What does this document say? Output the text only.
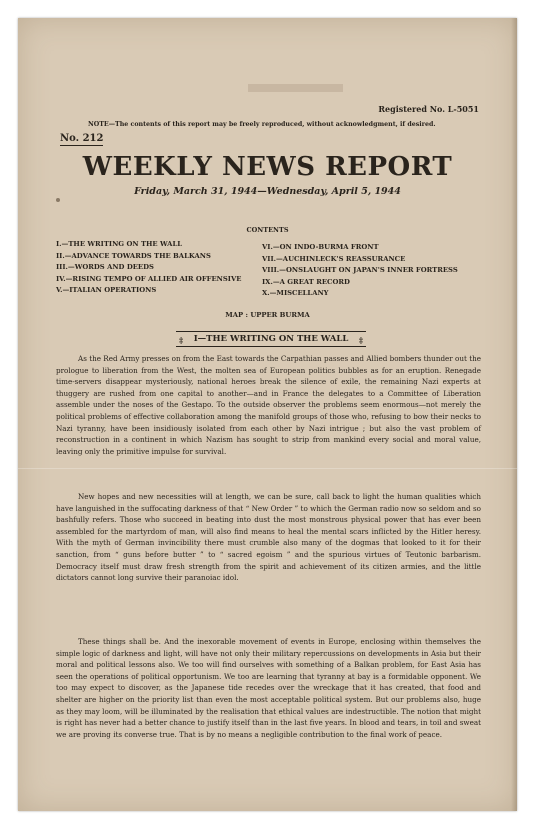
Registered No. L-5051
NOTE—The contents of this report may be freely reproduced, without acknowledgment, if desired.
No. 212
WEEKLY NEWS REPORT
Friday, March 31, 1944—Wednesday, April 5, 1944
CONTENTS
I.—THE WRITING ON THE WALL
II.—ADVANCE TOWARDS THE BALKANS
III.—WORDS AND DEEDS
IV.—RISING TEMPO OF ALLIED AIR OFFENSIVE
V.—ITALIAN OPERATIONS
VI.—ON INDO-BURMA FRONT
VII.—AUCHINLECK'S REASSURANCE
VIII.—ONSLAUGHT ON JAPAN'S INNER FORTRESS
IX.—A GREAT RECORD
X.—MISCELLANY
MAP : UPPER BURMA
‡ I—THE WRITING ON THE WALL ‡
As the Red Army presses on from the East towards the Carpathian passes and Allied bombers thunder out the prologue to liberation from the West, the molten sea of European politics bubbles as for an eruption. Renegade time-servers disappear mysteriously, national heroes break the silence of exile, the remaining Nazi experts at thuggery are rushed from one capital to another—and in France the delegates to a Committee of Liberation assemble under the noses of the Gestapo. To the outside observer the problems seem enormous—not merely the political problems of effective collaboration among the manifold groups of those who, refusing to bow their necks to Nazi tyranny, have been insidiously isolated from each other by Nazi intrigue ; but also the vast problem of reconstruction in a continent in which Nazism has sought to strip from mankind every social and moral value, leaving only the primitive impulse for survival.
New hopes and new necessities will at length, we can be sure, call back to light the human qualities which have languished in the suffocating darkness of that “ New Order ” to which the German radio now so seldom and so bashfully refers. Those who succeed in beating into dust the most monstrous physical power that has ever been assembled for the martyrdom of man, will also find means to heal the mental scars inflicted by the Hitler heresy. With the myth of German invincibility there must crumble also many of the dogmas that looked to it for their sanction, from “ guns before butter ” to “ sacred egoism ” and the spurious virtues of Teutonic barbarism. Democracy itself must draw fresh strength from the spirit and achievement of its citizen armies, and the little dictators cannot long survive their paranoiac idol.
These things shall be. And the inexorable movement of events in Europe, enclosing within themselves the simple logic of darkness and light, will have not only their military repercussions on developments in Asia but their moral and political lessons also. We too will find ourselves with something of a Balkan problem, for East Asia has seen the operations of political opportunism. We too are learning that tyranny at bay is a formidable opponent. We too may expect to discover, as the Japanese tide recedes over the wreckage that it has created, that food and shelter are higher on the priority list than even the most acceptable political system. But our problems also, huge as they may loom, will be illuminated by the realisation that ethical values are indestructible. The notion that might is right has never had a better chance to justify itself than in the last five years. In blood and tears, in toil and sweat we are proving its converse true. That is by no means a negligible contribution to the final work of peace.
